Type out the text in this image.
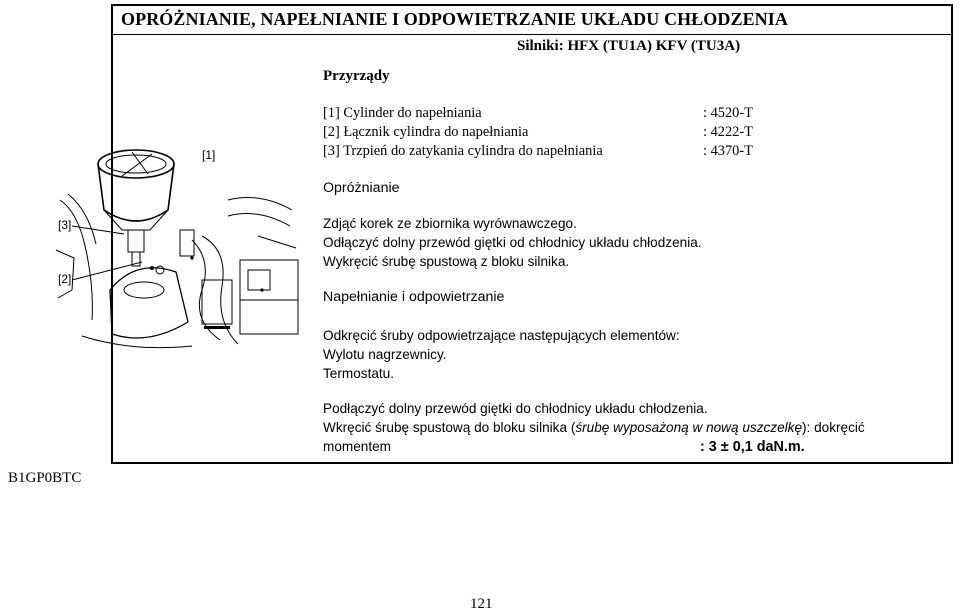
OPRÓŻNIANIE, NAPEŁNIANIE I ODPOWIETRZANIE UKŁADU CHŁODZENIA
Silniki: HFX (TU1A) KFV (TU3A)
Przyrządy
[1] Cylinder do napełniania	: 4520-T
[2] Łącznik cylindra do napełniania	: 4222-T
[3] Trzpień do zatykania cylindra do napełniania	: 4370-T
Opróżnianie
Zdjąć korek ze zbiornika wyrównawczego.
Odłączyć dolny przewód giętki od chłodnicy układu chłodzenia.
Wykręcić śrubę spustową z bloku silnika.
Napełnianie i odpowietrzanie
Odkręcić śruby odpowietrzające następujących elementów:
Wylotu nagrzewnicy.
Termostatu.
Podłączyć dolny przewód giętki do chłodnicy układu chłodzenia.
Wkręcić śrubę spustową do bloku silnika (śrubę wyposażoną w nową uszczelkę): dokręcić
momentem	: 3 ± 0,1 daN.m.
[1]
[3]
[2]
B1GP0BTC
121
